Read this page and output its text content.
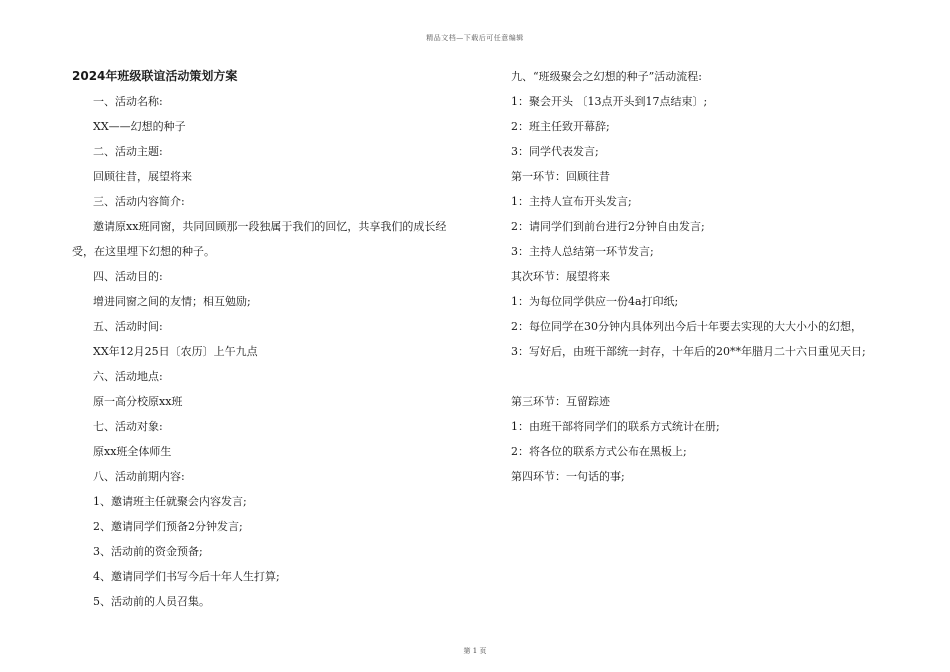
精品文档—下载后可任意编辑
2024年班级联谊活动策划方案
一、活动名称:
XX——幻想的种子
二、活动主题:
回顾往昔，展望将来
三、活动内容简介:
邀请原xx班同窗，共同回顾那一段独属于我们的回忆，共享我们的成长经
受，在这里埋下幻想的种子。
四、活动目的:
增进同窗之间的友情；相互勉励;
五、活动时间:
XX年12月25日〔农历〕上午九点
六、活动地点:
原一高分校原xx班
七、活动对象:
原xx班全体师生
八、活动前期内容:
1、邀请班主任就聚会内容发言;
2、邀请同学们预备2分钟发言;
3、活动前的资金预备;
4、邀请同学们书写今后十年人生打算;
5、活动前的人员召集。
九、“班级聚会之幻想的种子”活动流程:
1：聚会开头 〔13点开头到17点结束〕;
2：班主任致开幕辞;
3：同学代表发言;
第一环节：回顾往昔
1：主持人宣布开头发言;
2：请同学们到前台进行2分钟自由发言;
3：主持人总结第一环节发言;
其次环节：展望将来
1：为每位同学供应一份4a打印纸;
2：每位同学在30分钟内具体列出今后十年要去实现的大大小小的幻想，
3：写好后，由班干部统一封存，十年后的20**年腊月二十六日重见天日;
第三环节：互留踪迹
1：由班干部将同学们的联系方式统计在册;
2：将各位的联系方式公布在黑板上;
第四环节：一句话的事;
第 1 页
